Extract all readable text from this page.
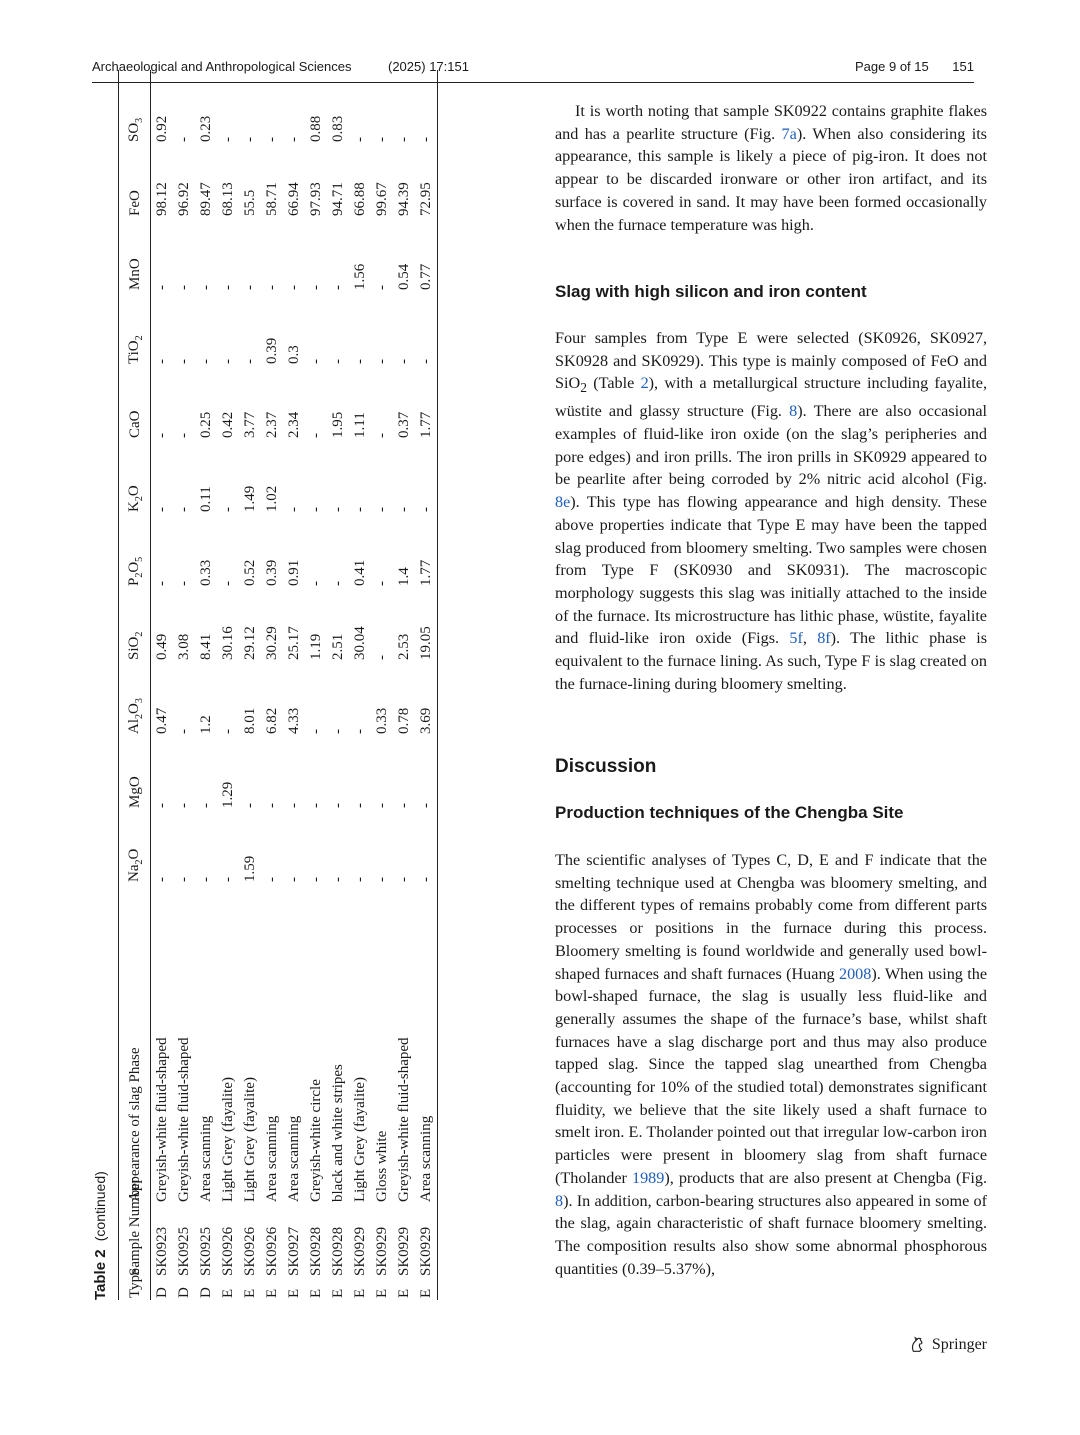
Archaeological and Anthropological Sciences	(2025) 17:151	Page 9 of 15 151
Table 2 (continued)
Type	Sample Number	Appearance of slag Phase	$Na_2O$	MgO	$Al_2O_3$	SiO$_2$	$P_2O_5$	$K_2O$	CaO	TiO$_2$	MnO	FeO	$SO_3$
D	SK0923	Greyish-white fluid-shaped	-	-	0.47	0.49	-	-	-	-	-	98.12	0.92
D	SK0925	Greyish-white fluid-shaped	-	-	-	3.08	-	-	-	-	-	96.92	-
D	SK0925	Area scanning	-	-	1.2	8.41	0.33	0.11	0.25	-	-	89.47	0.23
E	SK0926	Light Grey (fayalite)	-	1.29	-	30.16	-	-	0.42	-	-	68.13	-
E	SK0926	Light Grey (fayalite)	1.59	-	8.01	29.12	0.52	1.49	3.77	-	-	55.5	-
E	SK0926	Area scanning	-	-	6.82	30.29	0.39	1.02	2.37	0.39	-	58.71	-
E	SK0927	Area scanning	-	-	4.33	25.17	0.91	-	2.34	0.3	-	66.94	-
E	SK0928	Greyish-white circle	-	-	-	1.19	-	-	-	-	-	97.93	0.88
E	SK0928	black and white stripes	-	-	-	2.51	-	-	1.95	-	-	94.71	0.83
E	SK0929	Light Grey (fayalite)	-	-	-	30.04	0.41	-	1.11	-	1.56	66.88	-
E	SK0929	Gloss white	-	-	0.33	-	-	-	-	-	-	99.67	-
E	SK0929	Greyish-white fluid-shaped	-	-	0.78	2.53	1.4	-	0.37	-	0.54	94.39	-
E	SK0929	Area scanning	-	-	3.69	19.05	1.77	-	1.77	-	0.77	72.95	-

It is worth noting that sample SK0922 contains graphite flakes and has a pearlite structure (Fig. 7a). When also considering its appearance, this sample is likely a piece of pig-iron. It does not appear to be discarded ironware or other iron artifact, and its surface is covered in sand. It may have been formed occasionally when the furnace temperature was high.

Slag with high silicon and iron content

Four samples from Type E were selected (SK0926, SK0927, SK0928 and SK0929). This type is mainly composed of FeO and SiO$_2$ (Table 2), with a metallurgical structure including fayalite, wüstite and glassy structure (Fig. 8). There are also occasional examples of fluid-like iron oxide (on the slag’s peripheries and pore edges) and iron prills. The iron prills in SK0929 appeared to be pearlite after being corroded by 2% nitric acid alcohol (Fig. 8e). This type has flowing appearance and high density. These above properties indicate that Type E may have been the tapped slag produced from bloomery smelting. Two samples were chosen from Type F (SK0930 and SK0931). The macroscopic morphology suggests this slag was initially attached to the inside of the furnace. Its microstructure has lithic phase, wüstite, fayalite and fluid-like iron oxide (Figs. 5f, 8f). The lithic phase is equivalent to the furnace lining. As such, Type F is slag created on the furnace-lining during bloomery smelting.

Discussion
Production techniques of the Chengba Site

The scientific analyses of Types C, D, E and F indicate that the smelting technique used at Chengba was bloomery smelting, and the different types of remains probably come from different parts processes or positions in the furnace during this process. Bloomery smelting is found worldwide and generally used bowl-shaped furnaces and shaft furnaces (Huang 2008). When using the bowl-shaped furnace, the slag is usually less fluid-like and generally assumes the shape of the furnace’s base, whilst shaft furnaces have a slag discharge port and thus may also produce tapped slag. Since the tapped slag unearthed from Chengba (accounting for 10% of the studied total) demonstrates significant fluidity, we believe that the site likely used a shaft furnace to smelt iron. E. Tholander pointed out that irregular low-carbon iron particles were present in bloomery slag from shaft furnace (Tholander 1989), products that are also present at Chengba (Fig. 8). In addition, carbon-bearing structures also appeared in some of the slag, again characteristic of shaft furnace bloomery smelting. The composition results also show some abnormal phosphorous quantities (0.39–5.37%),

Springer
